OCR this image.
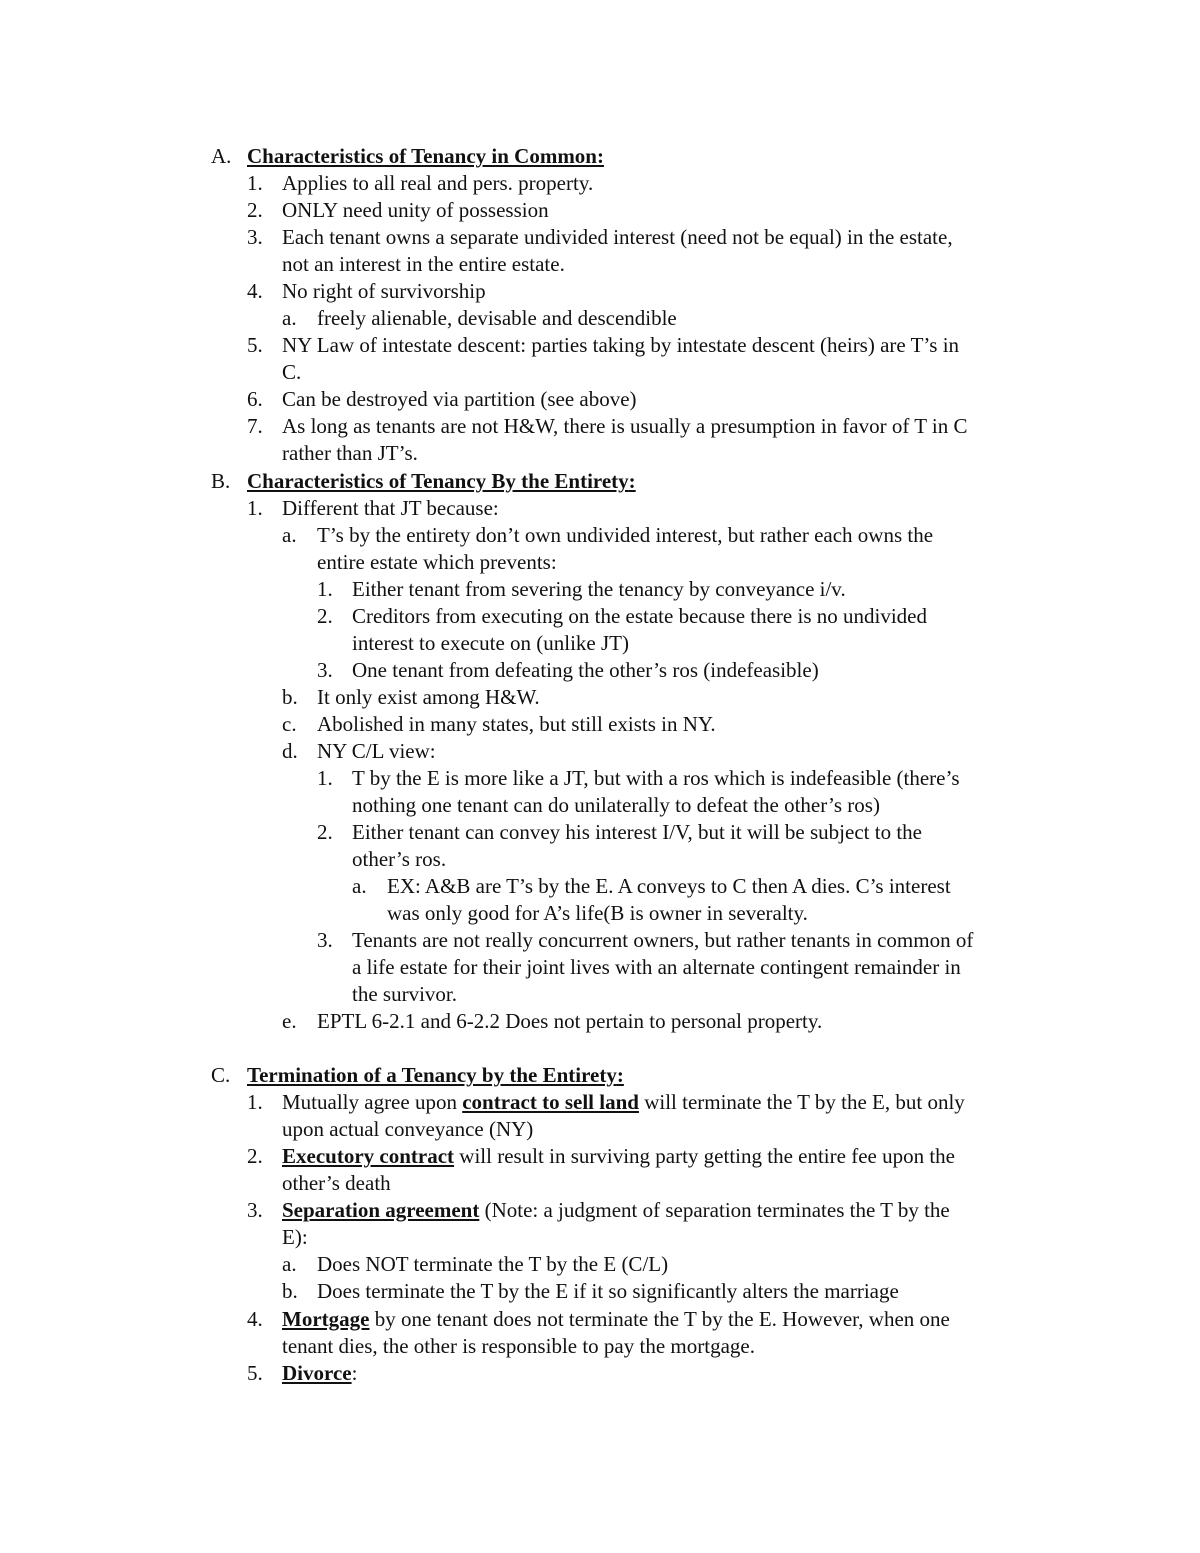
A. Characteristics of Tenancy in Common:
1. Applies to all real and pers. property.
2. ONLY need unity of possession
3. Each tenant owns a separate undivided interest (need not be equal) in the estate,
not an interest in the entire estate.
4. No right of survivorship
a. freely alienable, devisable and descendible
5. NY Law of intestate descent: parties taking by intestate descent (heirs) are T’s in
C.
6. Can be destroyed via partition (see above)
7. As long as tenants are not H&W, there is usually a presumption in favor of T in C
rather than JT’s.
B. Characteristics of Tenancy By the Entirety:
1. Different that JT because:
a. T’s by the entirety don’t own undivided interest, but rather each owns the
entire estate which prevents:
1. Either tenant from severing the tenancy by conveyance i/v.
2. Creditors from executing on the estate because there is no undivided
interest to execute on (unlike JT)
3. One tenant from defeating the other’s ros (indefeasible)
b. It only exist among H&W.
c. Abolished in many states, but still exists in NY.
d. NY C/L view:
1. T by the E is more like a JT, but with a ros which is indefeasible (there’s
nothing one tenant can do unilaterally to defeat the other’s ros)
2. Either tenant can convey his interest I/V, but it will be subject to the
other’s ros.
a. EX: A&B are T’s by the E. A conveys to C then A dies. C’s interest
was only good for A’s life(B is owner in severalty.
3. Tenants are not really concurrent owners, but rather tenants in common of
a life estate for their joint lives with an alternate contingent remainder in
the survivor.
e. EPTL 6-2.1 and 6-2.2 Does not pertain to personal property.
C. Termination of a Tenancy by the Entirety:
1. Mutually agree upon contract to sell land will terminate the T by the E, but only
upon actual conveyance (NY)
2. Executory contract will result in surviving party getting the entire fee upon the
other’s death
3. Separation agreement (Note: a judgment of separation terminates the T by the
E):
a. Does NOT terminate the T by the E (C/L)
b. Does terminate the T by the E if it so significantly alters the marriage
4. Mortgage by one tenant does not terminate the T by the E. However, when one
tenant dies, the other is responsible to pay the mortgage.
5. Divorce:
